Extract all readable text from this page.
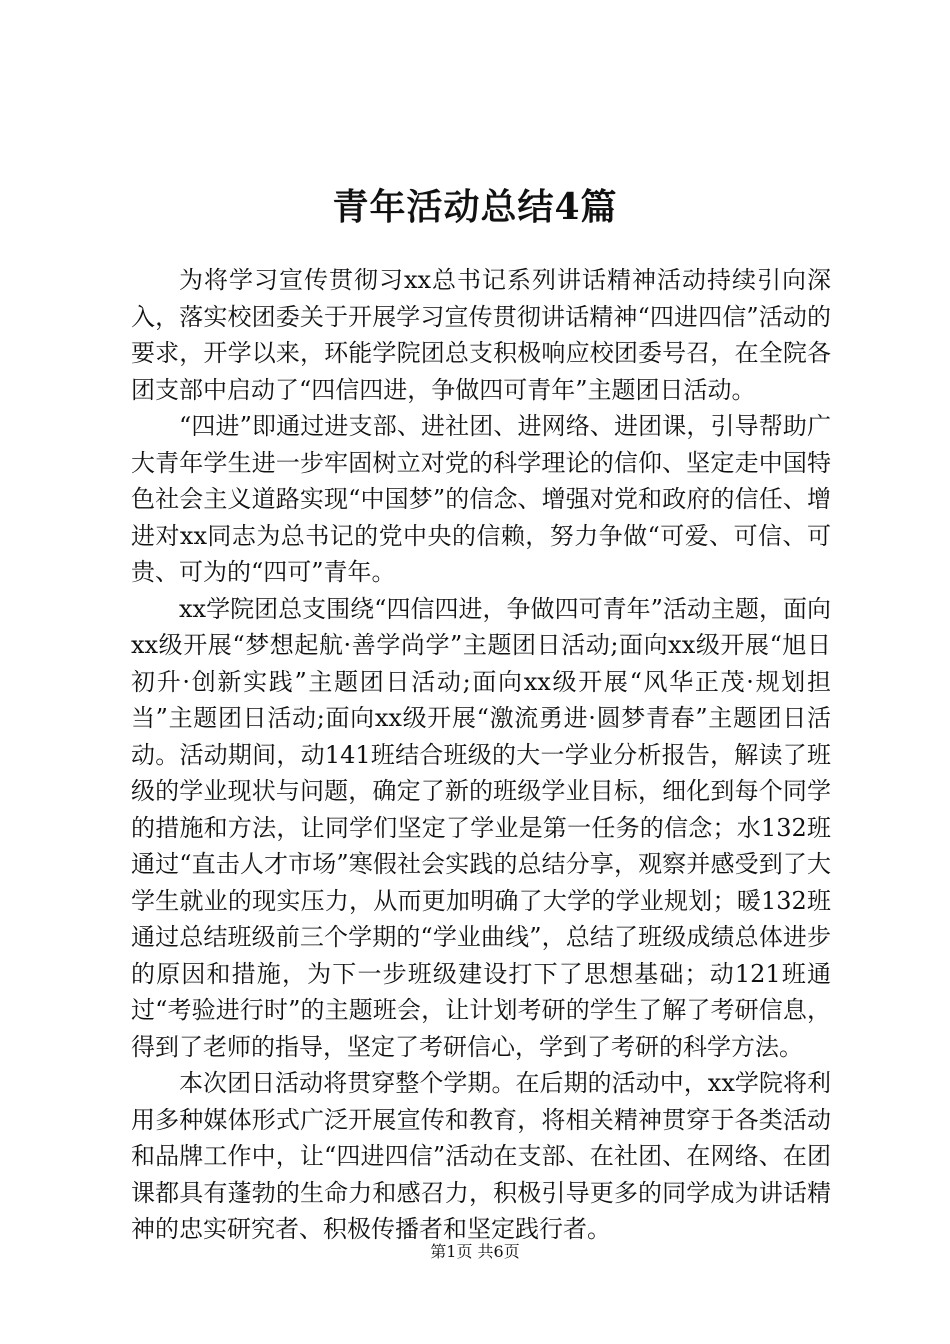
青年活动总结4篇

为将学习宣传贯彻习xx总书记系列讲话精神活动持续引向深入，落实校团委关于开展学习宣传贯彻讲话精神“四进四信”活动的要求，开学以来，环能学院团总支积极响应校团委号召，在全院各团支部中启动了“四信四进，争做四可青年”主题团日活动。

“四进”即通过进支部、进社团、进网络、进团课，引导帮助广大青年学生进一步牢固树立对党的科学理论的信仰、坚定走中国特色社会主义道路实现“中国梦”的信念、增强对党和政府的信任、增进对xx同志为总书记的党中央的信赖，努力争做“可爱、可信、可贵、可为的“四可”青年。

xx学院团总支围绕“四信四进，争做四可青年”活动主题，面向xx级开展“梦想起航·善学尚学”主题团日活动;面向xx级开展“旭日初升·创新实践”主题团日活动;面向xx级开展“风华正茂·规划担当”主题团日活动;面向xx级开展“激流勇进·圆梦青春”主题团日活动。活动期间，动141班结合班级的大一学业分析报告，解读了班级的学业现状与问题，确定了新的班级学业目标，细化到每个同学的措施和方法，让同学们坚定了学业是第一任务的信念；水132班通过“直击人才市场”寒假社会实践的总结分享，观察并感受到了大学生就业的现实压力，从而更加明确了大学的学业规划；暖132班通过总结班级前三个学期的“学业曲线”，总结了班级成绩总体进步的原因和措施，为下一步班级建设打下了思想基础；动121班通过“考验进行时”的主题班会，让计划考研的学生了解了考研信息，得到了老师的指导，坚定了考研信心，学到了考研的科学方法。

本次团日活动将贯穿整个学期。在后期的活动中，xx学院将利用多种媒体形式广泛开展宣传和教育，将相关精神贯穿于各类活动和品牌工作中，让“四进四信”活动在支部、在社团、在网络、在团课都具有蓬勃的生命力和感召力，积极引导更多的同学成为讲话精神的忠实研究者、积极传播者和坚定践行者。

第1页 共6页
